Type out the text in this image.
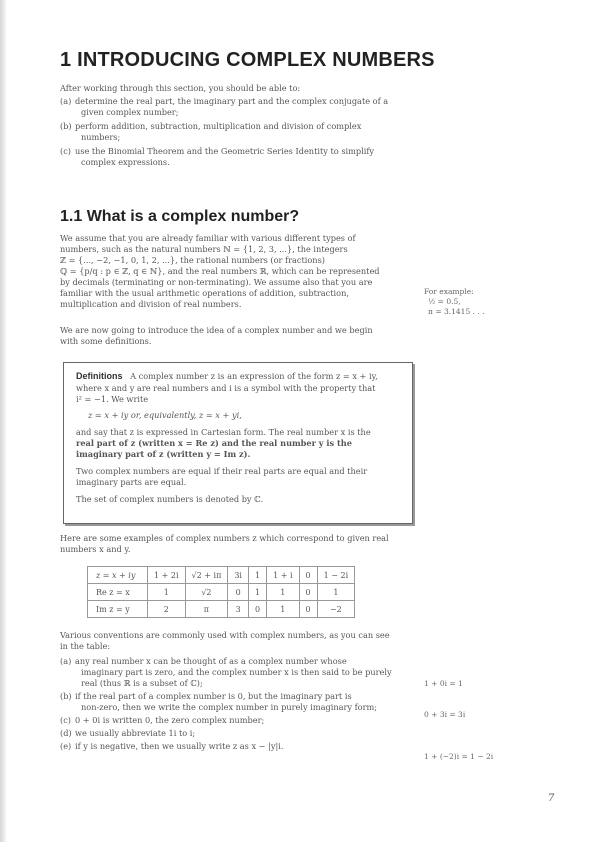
1 INTRODUCING COMPLEX NUMBERS
After working through this section, you should be able to:
(a) determine the real part, the imaginary part and the complex conjugate of a
given complex number;
(b) perform addition, subtraction, multiplication and division of complex
numbers;
(c) use the Binomial Theorem and the Geometric Series Identity to simplify
complex expressions.
1.1 What is a complex number?
We assume that you are already familiar with various different types of
numbers, such as the natural numbers ℕ = {1, 2, 3, ...}, the integers
ℤ = {..., −2, −1, 0, 1, 2, ...}, the rational numbers (or fractions)
ℚ = {p/q : p ∈ ℤ, q ∈ ℕ}, and the real numbers ℝ, which can be represented
by decimals (terminating or non-terminating). We assume also that you are
familiar with the usual arithmetic operations of addition, subtraction,
multiplication and division of real numbers.
For example:
½ = 0.5,
π = 3.1415 . . .
We are now going to introduce the idea of a complex number and we begin
with some definitions.
Definitions A complex number z is an expression of the form z = x + iy,
where x and y are real numbers and i is a symbol with the property that
i² = −1. We write
z = x + iy or, equivalently, z = x + yi,
and say that z is expressed in Cartesian form. The real number x is the
real part of z (written x = Re z) and the real number y is the
imaginary part of z (written y = Im z).
Two complex numbers are equal if their real parts are equal and their
imaginary parts are equal.
The set of complex numbers is denoted by ℂ.
Here are some examples of complex numbers z which correspond to given real
numbers x and y.
z = x + iy	1 + 2i	√2 + iπ	3i	1	1 + i	0	1 − 2i
Re z = x	1	√2	0	1	1	0	1
Im z = y	2	π	3	0	1	0	−2
Various conventions are commonly used with complex numbers, as you can see
in the table:
(a) any real number x can be thought of as a complex number whose
imaginary part is zero, and the complex number x is then said to be purely
real (thus ℝ is a subset of ℂ);
(b) if the real part of a complex number is 0, but the imaginary part is
non-zero, then we write the complex number in purely imaginary form;
(c) 0 + 0i is written 0, the zero complex number;
(d) we usually abbreviate 1i to i;
(e) if y is negative, then we usually write z as x − |y|i.
1 + 0i = 1
0 + 3i = 3i
1 + (−2)i = 1 − 2i
7
